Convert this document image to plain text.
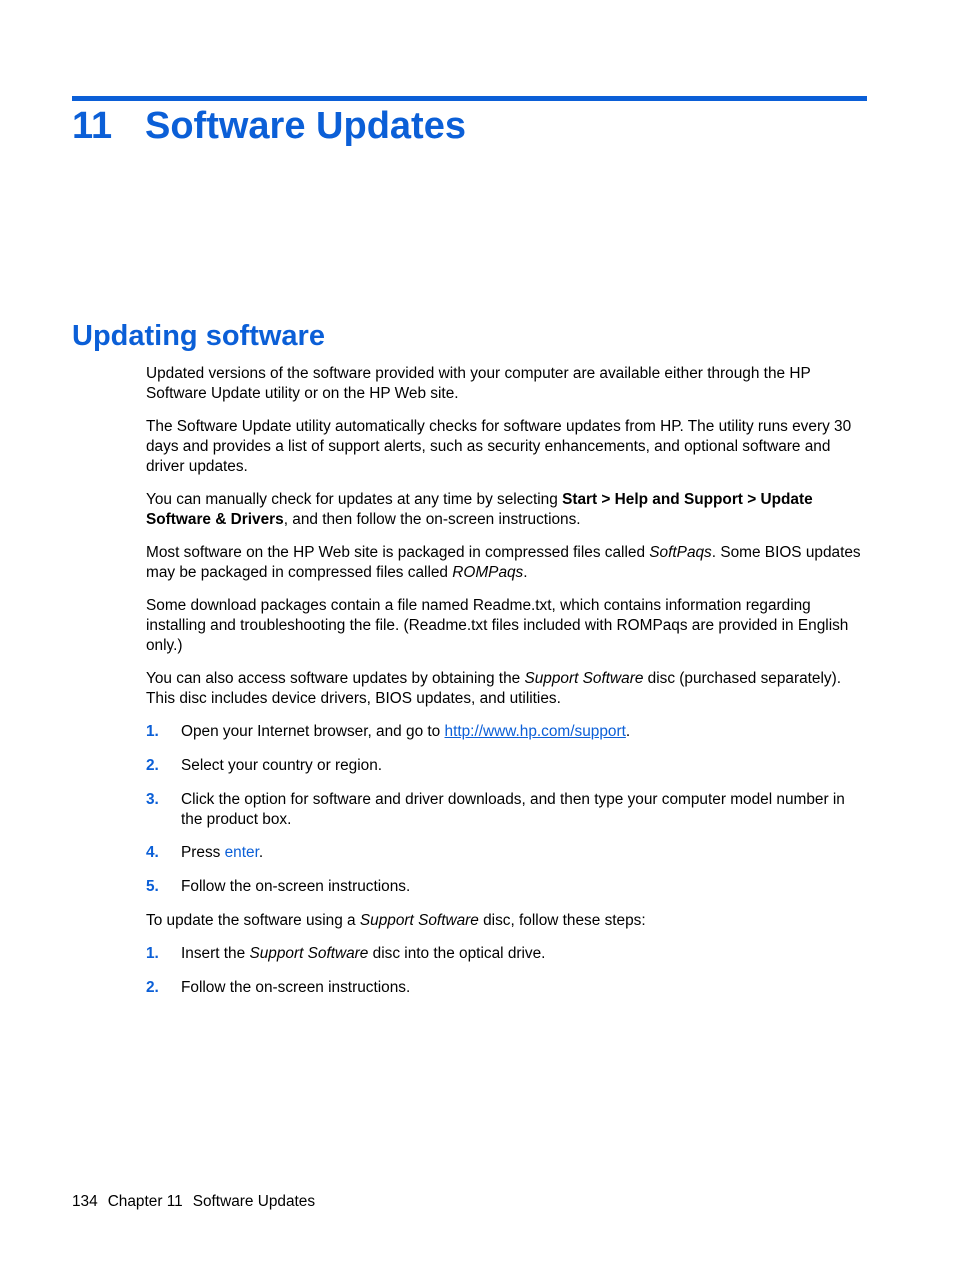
11 Software Updates
Updating software

Updated versions of the software provided with your computer are available either through the HP Software Update utility or on the HP Web site.

The Software Update utility automatically checks for software updates from HP. The utility runs every 30 days and provides a list of support alerts, such as security enhancements, and optional software and driver updates.

You can manually check for updates at any time by selecting Start > Help and Support > Update Software & Drivers, and then follow the on-screen instructions.

Most software on the HP Web site is packaged in compressed files called SoftPaqs. Some BIOS updates may be packaged in compressed files called ROMPaqs.

Some download packages contain a file named Readme.txt, which contains information regarding installing and troubleshooting the file. (Readme.txt files included with ROMPaqs are provided in English only.)

You can also access software updates by obtaining the Support Software disc (purchased separately). This disc includes device drivers, BIOS updates, and utilities.

1.	Open your Internet browser, and go to http://www.hp.com/support.
2.	Select your country or region.
3.	Click the option for software and driver downloads, and then type your computer model number in the product box.
4.	Press enter.
5.	Follow the on-screen instructions.

To update the software using a Support Software disc, follow these steps:

1.	Insert the Support Software disc into the optical drive.
2.	Follow the on-screen instructions.
134 Chapter 11 Software Updates
